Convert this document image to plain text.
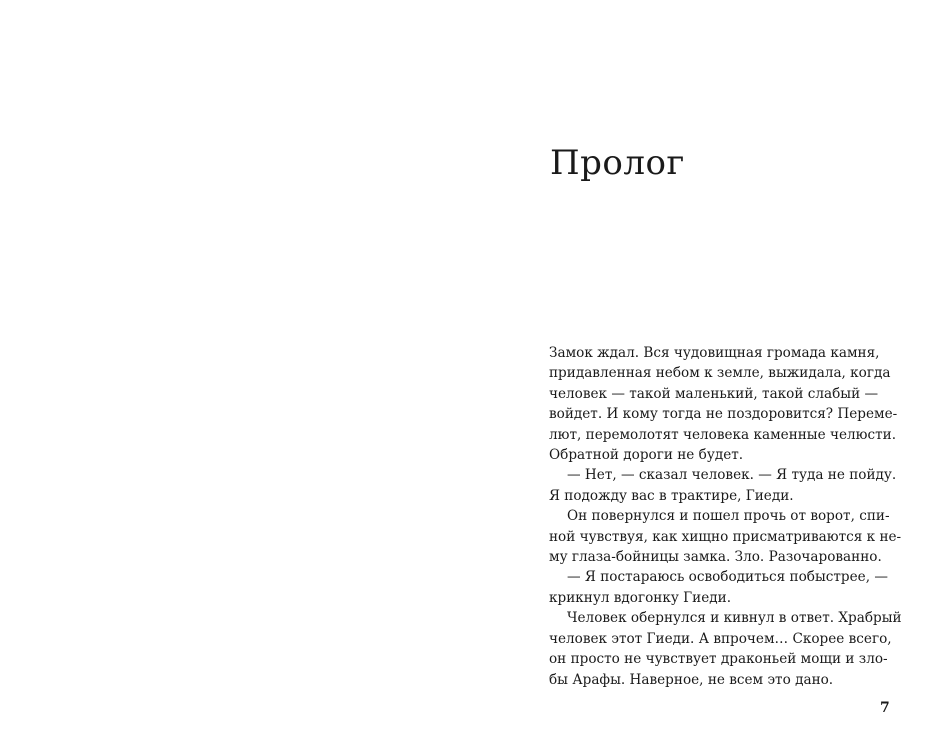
Пролог
Замок ждал. Вся чудовищная громада камня,
придавленная небом к земле, выжидала, когда
человек — такой маленький, такой слабый —
войдет. И кому тогда не поздоровится? Переме-
лют, перемолотят человека каменные челюсти.
Обратной дороги не будет.
— Нет, — сказал человек. — Я туда не пойду.
Я подожду вас в трактире, Гиеди.
Он повернулся и пошел прочь от ворот, спи-
ной чувствуя, как хищно присматриваются к не-
му глаза-бойницы замка. Зло. Разочарованно.
— Я постараюсь освободиться побыстрее, —
крикнул вдогонку Гиеди.
Человек обернулся и кивнул в ответ. Храбрый
человек этот Гиеди. А впрочем… Скорее всего,
он просто не чувствует драконьей мощи и зло-
бы Арафы. Наверное, не всем это дано.
7
